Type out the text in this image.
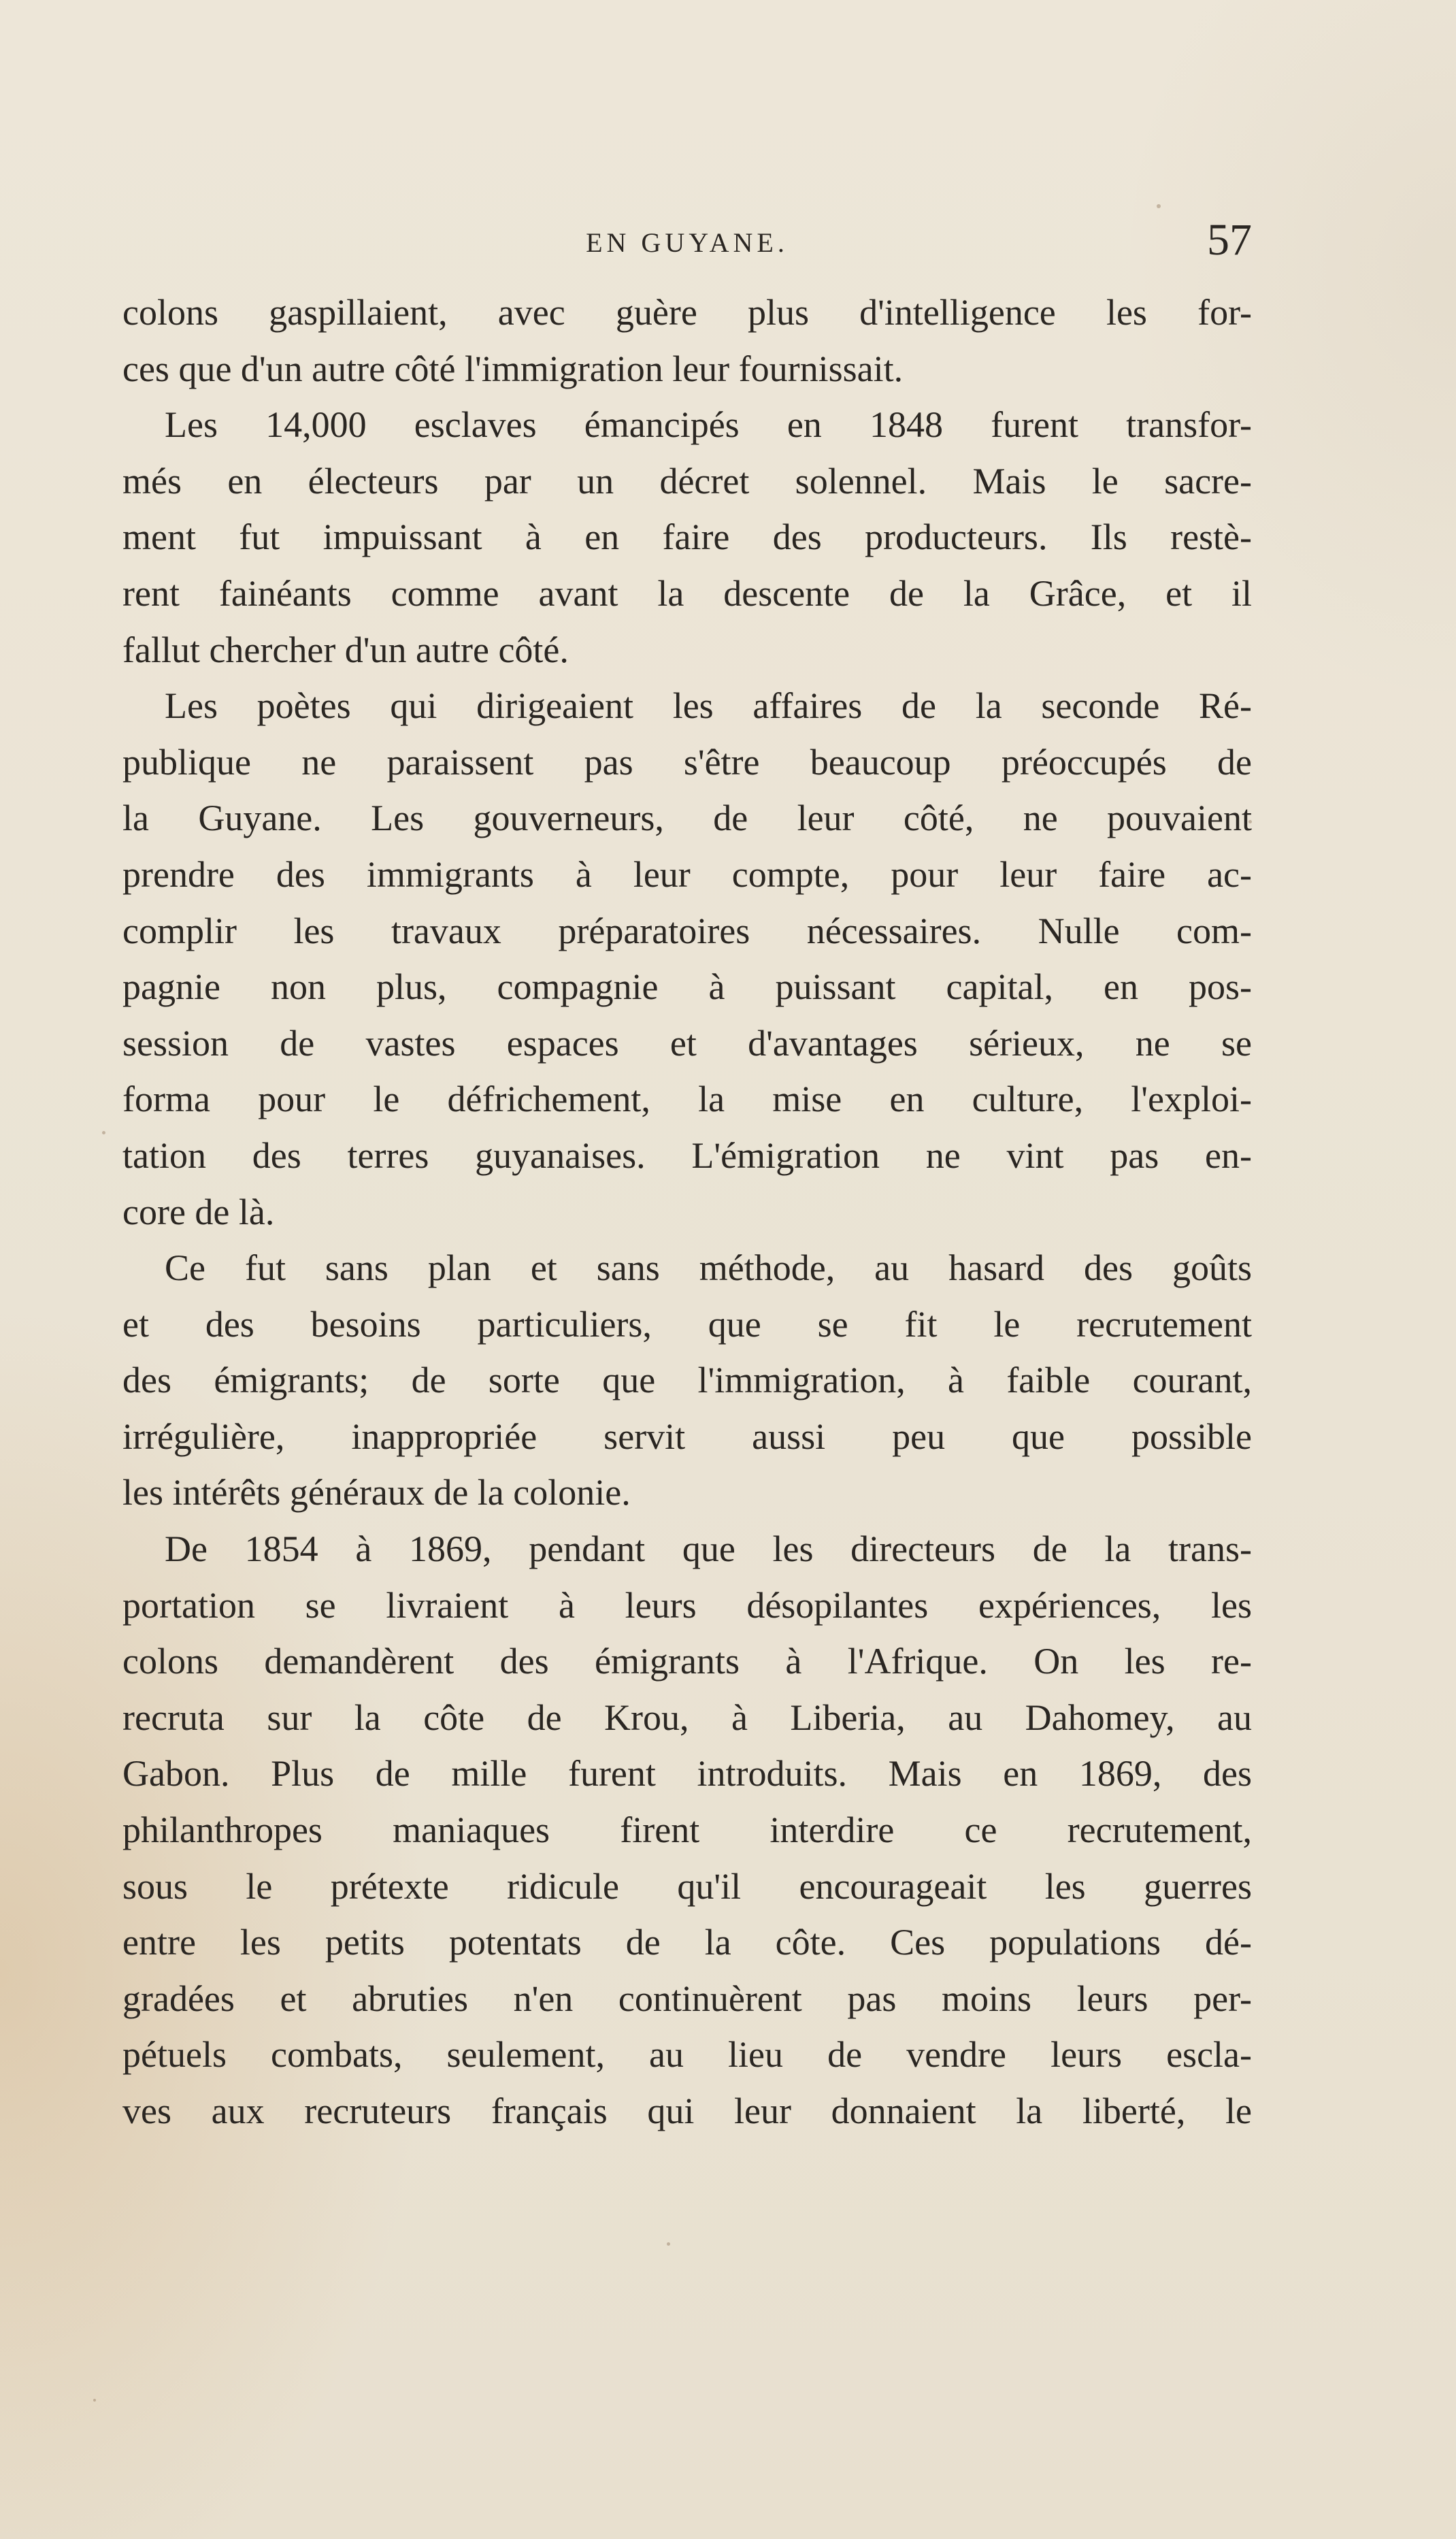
EN GUYANE.	57

colons gaspillaient, avec guère plus d'intelligence les for-

ces que d'un autre côté l'immigration leur fournissait.

Les 14,000 esclaves émancipés en 1848 furent transfor-

més en électeurs par un décret solennel. Mais le sacre-

ment fut impuissant à en faire des producteurs. Ils restè-

rent fainéants comme avant la descente de la Grâce, et il

fallut chercher d'un autre côté.

Les poètes qui dirigeaient les affaires de la seconde Ré-

publique ne paraissent pas s'être beaucoup préoccupés de

la Guyane. Les gouverneurs, de leur côté, ne pouvaient

prendre des immigrants à leur compte, pour leur faire ac-

complir les travaux préparatoires nécessaires. Nulle com-

pagnie non plus, compagnie à puissant capital, en pos-

session de vastes espaces et d'avantages sérieux, ne se

forma pour le défrichement, la mise en culture, l'exploi-

tation des terres guyanaises. L'émigration ne vint pas en-

core de là.

Ce fut sans plan et sans méthode, au hasard des goûts

et des besoins particuliers, que se fit le recrutement

des émigrants; de sorte que l'immigration, à faible courant,

irrégulière, inappropriée servit aussi peu que possible

les intérêts généraux de la colonie.

De 1854 à 1869, pendant que les directeurs de la trans-

portation se livraient à leurs désopilantes expériences, les

colons demandèrent des émigrants à l'Afrique. On les re-

recruta sur la côte de Krou, à Liberia, au Dahomey, au

Gabon. Plus de mille furent introduits. Mais en 1869, des

philanthropes maniaques firent interdire ce recrutement,

sous le prétexte ridicule qu'il encourageait les guerres

entre les petits potentats de la côte. Ces populations dé-

gradées et abruties n'en continuèrent pas moins leurs per-

pétuels combats, seulement, au lieu de vendre leurs escla-

ves aux recruteurs français qui leur donnaient la liberté, le
